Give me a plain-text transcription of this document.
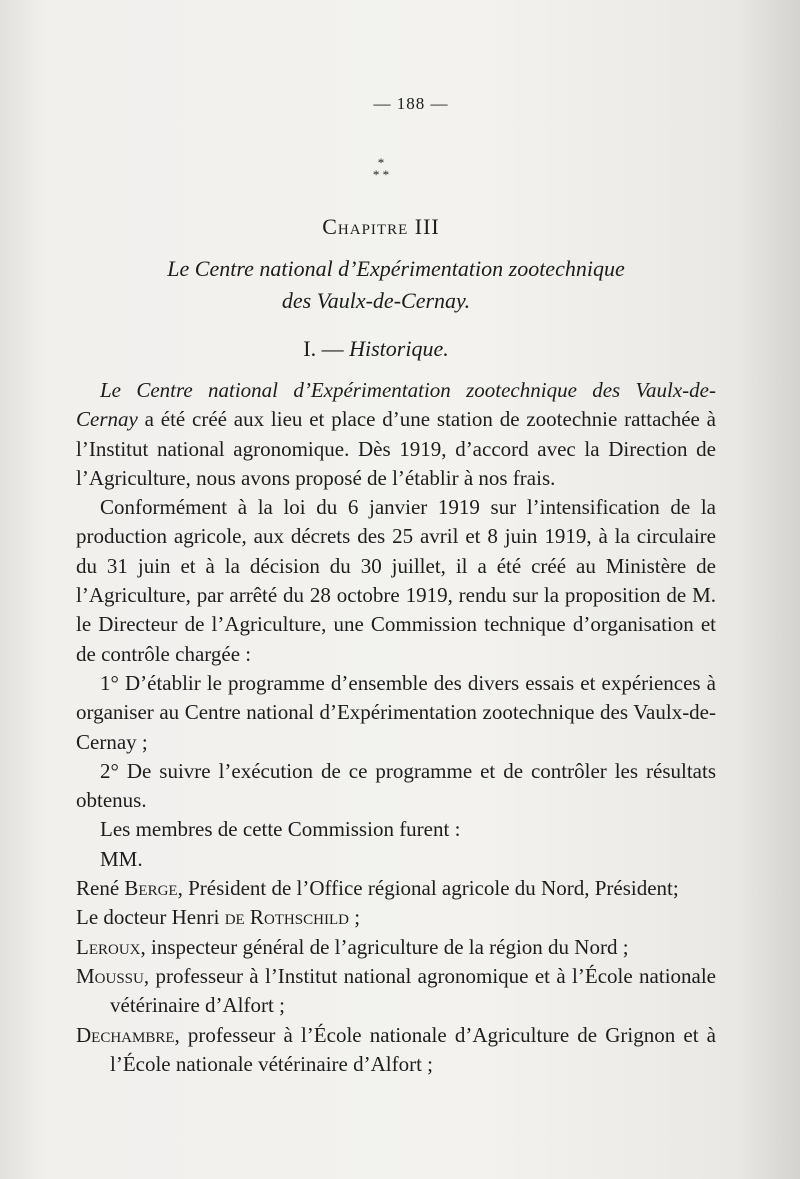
— 188 —
*
* *
Chapitre III
Le Centre national d’Expérimentation zootechnique
des Vaulx-de-Cernay.
I. — Historique.

Le Centre national d’Expérimentation zootechnique des Vaulx-de-Cernay a été créé aux lieu et place d’une station de zootechnie rattachée à l’Institut national agronomique. Dès 1919, d’accord avec la Direction de l’Agriculture, nous avons proposé de l’établir à nos frais.

Conformément à la loi du 6 janvier 1919 sur l’intensification de la production agricole, aux décrets des 25 avril et 8 juin 1919, à la circulaire du 31 juin et à la décision du 30 juillet, il a été créé au Ministère de l’Agriculture, par arrêté du 28 octobre 1919, rendu sur la proposition de M. le Directeur de l’Agriculture, une Commission technique d’organisation et de contrôle chargée :

1° D’établir le programme d’ensemble des divers essais et expériences à organiser au Centre national d’Expérimentation zootechnique des Vaulx-de-Cernay ;

2° De suivre l’exécution de ce programme et de contrôler les résultats obtenus.

Les membres de cette Commission furent :

MM.

René Berge, Président de l’Office régional agricole du Nord, Président;

Le docteur Henri de Rothschild ;

Leroux, inspecteur général de l’agriculture de la région du Nord ;

Moussu, professeur à l’Institut national agronomique et à l’École nationale vétérinaire d’Alfort ;

Dechambre, professeur à l’École nationale d’Agriculture de Grignon et à l’École nationale vétérinaire d’Alfort ;
